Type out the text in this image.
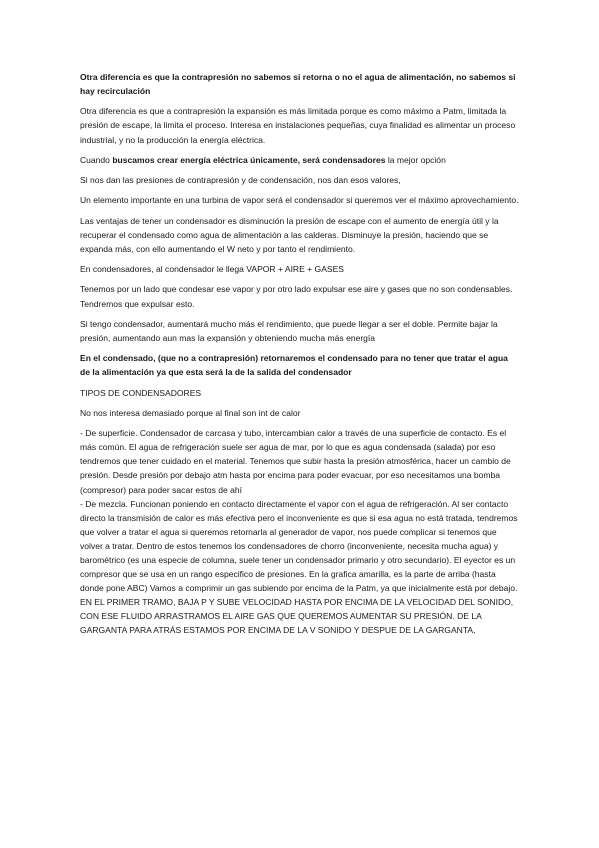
Otra diferencia es que la contrapresión no sabemos si retorna o no el agua de alimentación, no sabemos si hay recirculación

Otra diferencia es que a contrapresión la expansión es más limitada porque es como máximo a Patm, limitada la presión de escape, la limita el proceso. Interesa en instalaciones pequeñas, cuya finalidad es alimentar un proceso industrial, y no la producción la energía eléctrica.

Cuando buscamos crear energía eléctrica únicamente, será condensadores la mejor opción

Si nos dan las presiones de contrapresión y de condensación, nos dan esos valores,

Un elemento importante en una turbina de vapor será el condensador si queremos ver el máximo aprovechamiento.

Las ventajas de tener un condensador es disminución la presión de escape con el aumento de energía útil y la recuperar el condensado como agua de alimentación a las calderas. Disminuye la presión, haciendo que se expanda más, con ello aumentando el W neto y por tanto el rendimiento.

En condensadores, al condensador le llega VAPOR + AIRE + GASES

Tenemos por un lado que condesar ese vapor y por otro lado expulsar ese aire y gases que no son condensables. Tendremos que expulsar esto.

Si tengo condensador, aumentará mucho más el rendimiento, que puede llegar a ser el doble. Permite bajar la presión, aumentando aun mas la expansión y obteniendo mucha más energía

En el condensado, (que no a contrapresión) retornaremos el condensado para no tener que tratar el agua de la alimentación ya que esta será la de la salida del condensador

TIPOS DE CONDENSADORES

No nos interesa demasiado porque al final son int de calor

- De superficie. Condensador de carcasa y tubo, intercambian calor a través de una superficie de contacto. Es el más común. El agua de refrigeración suele ser agua de mar, por lo que es agua condensada (salada) por eso tendremos que tener cuidado en el material. Tenemos que subir hasta la presión atmosférica, hacer un cambio de presión. Desde presión por debajo atm hasta por encima para poder evacuar, por eso necesitamos una bomba (compresor) para poder sacar estos de ahí
- De mezcla. Funcionan poniendo en contacto directamente el vapor con el agua de refrigeración. Al ser contacto directo la transmisión de calor es más efectiva pero el inconveniente es que si esa agua no está tratada, tendremos que volver a tratar el agua si queremos retornarla al generador de vapor, nos puede complicar si tenemos que volver a tratar. Dentro de estos tenemos los condensadores de chorro (inconveniente, necesita mucha agua) y barométrico (es una especie de columna, suele tener un condensador primario y otro secundario). El eyector es un compresor que se usa en un rango especifico de presiones. En la grafica amarilla, es la parte de arriba (hasta donde pone ABC) Vamos a comprimir un gas subiendo por encima de la Patm, ya que inicialmente está por debajo. EN EL PRIMER TRAMO, BAJA P Y SUBE VELOCIDAD HASTA POR ENCIMA DE LA VELOCIDAD DEL SONIDO, CON ESE FLUIDO ARRASTRAMOS EL AIRE GAS QUE QUEREMOS AUMENTAR SU PRESIÓN. DE LA GARGANTA PARA ATRÁS ESTAMOS POR ENCIMA DE LA V SONIDO Y DESPUE DE LA GARGANTA,
